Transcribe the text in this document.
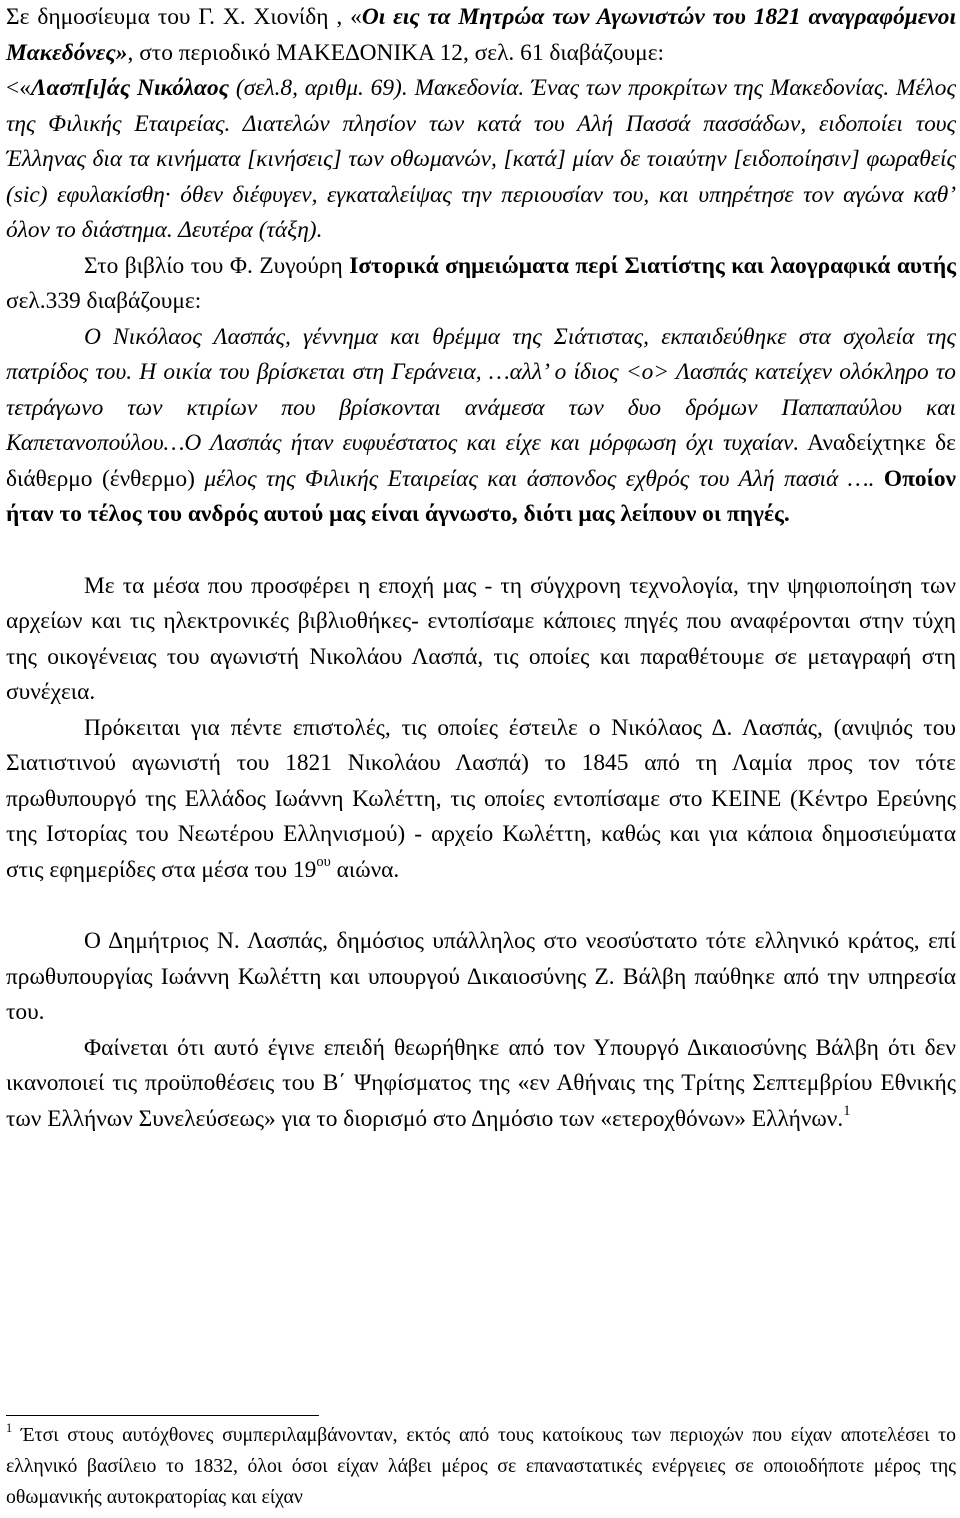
Σε δημοσίευμα του Γ. Χ. Χιονίδη , «Οι εις τα Μητρώα των Αγωνιστών του 1821 αναγραφόμενοι Μακεδόνες», στο περιοδικό ΜΑΚΕΔΟΝΙΚΑ 12, σελ. 61 διαβάζουμε:
<«Λασπ[ι]άς Νικόλαος (σελ.8, αριθμ. 69). Μακεδονία. Ένας των προκρίτων της Μακεδονίας. Μέλος της Φιλικής Εταιρείας. Διατελών πλησίον των κατά του Αλή Πασσά πασσάδων, ειδοποίει τους Έλληνας δια τα κινήματα [κινήσεις] των οθωμανών, [κατά] μίαν δε τοιαύτην [ειδοποίησιν] φωραθείς (sic) εφυλακίσθη· όθεν διέφυγεν, εγκαταλείψας την περιουσίαν του, και υπηρέτησε τον αγώνα καθ’ όλον το διάστημα. Δευτέρα (τάξη).

Στο βιβλίο του Φ. Ζυγούρη Ιστορικά σημειώματα περί Σιατίστης και λαογραφικά αυτής σελ.339 διαβάζουμε:

Ο Νικόλαος Λασπάς, γέννημα και θρέμμα της Σιάτιστας, εκπαιδεύθηκε στα σχολεία της πατρίδος του. Η οικία του βρίσκεται στη Γεράνεια, …αλλ’ ο ίδιος <ο> Λασπάς κατείχεν ολόκληρο το τετράγωνο των κτιρίων που βρίσκονται ανάμεσα των δυο δρόμων Παπαπαύλου και Καπετανοπούλου…Ο Λασπάς ήταν ευφυέστατος και είχε και μόρφωση όχι τυχαίαν. Αναδείχτηκε δε διάθερμο (ένθερμο) μέλος της Φιλικής Εταιρείας και άσπονδος εχθρός του Αλή πασιά …. Οποίον ήταν το τέλος του ανδρός αυτού μας είναι άγνωστο, διότι μας λείπουν οι πηγές.

Με τα μέσα που προσφέρει η εποχή μας - τη σύγχρονη τεχνολογία, την ψηφιοποίηση των αρχείων και τις ηλεκτρονικές βιβλιοθήκες- εντοπίσαμε κάποιες πηγές που αναφέρονται στην τύχη της οικογένειας του αγωνιστή Νικολάου Λασπά, τις οποίες και παραθέτουμε σε μεταγραφή στη συνέχεια.

Πρόκειται για πέντε επιστολές, τις οποίες έστειλε ο Νικόλαος Δ. Λασπάς, (ανιψιός του Σιατιστινού αγωνιστή του 1821 Νικολάου Λασπά) το 1845 από τη Λαμία προς τον τότε πρωθυπουργό της Ελλάδος Ιωάννη Κωλέττη, τις οποίες εντοπίσαμε στο ΚΕΙΝΕ (Κέντρο Ερεύνης της Ιστορίας του Νεωτέρου Ελληνισμού) - αρχείο Κωλέττη, καθώς και για κάποια δημοσιεύματα στις εφημερίδες στα μέσα του $19^{o\upsilon}$ αιώνα.

Ο Δημήτριος Ν. Λασπάς, δημόσιος υπάλληλος στο νεοσύστατο τότε ελληνικό κράτος, επί πρωθυπουργίας Ιωάννη Κωλέττη και υπουργού Δικαιοσύνης Ζ. Βάλβη παύθηκε από την υπηρεσία του.

Φαίνεται ότι αυτό έγινε επειδή θεωρήθηκε από τον Υπουργό Δικαιοσύνης Βάλβη ότι δεν ικανοποιεί τις προϋποθέσεις του Β΄ Ψηφίσματος της «εν Αθήναις της Τρίτης Σεπτεμβρίου Εθνικής των Ελλήνων Συνελεύσεως» για το διορισμό στο Δημόσιο των «ετεροχθόνων» Ελλήνων.$^1$

$^1$ Έτσι στους αυτόχθονες συμπεριλαμβάνονταν, εκτός από τους κατοίκους των περιοχών που είχαν αποτελέσει το ελληνικό βασίλειο το 1832, όλοι όσοι είχαν λάβει μέρος σε επαναστατικές ενέργειες σε οποιοδήποτε μέρος της οθωμανικής αυτοκρατορίας και είχαν
